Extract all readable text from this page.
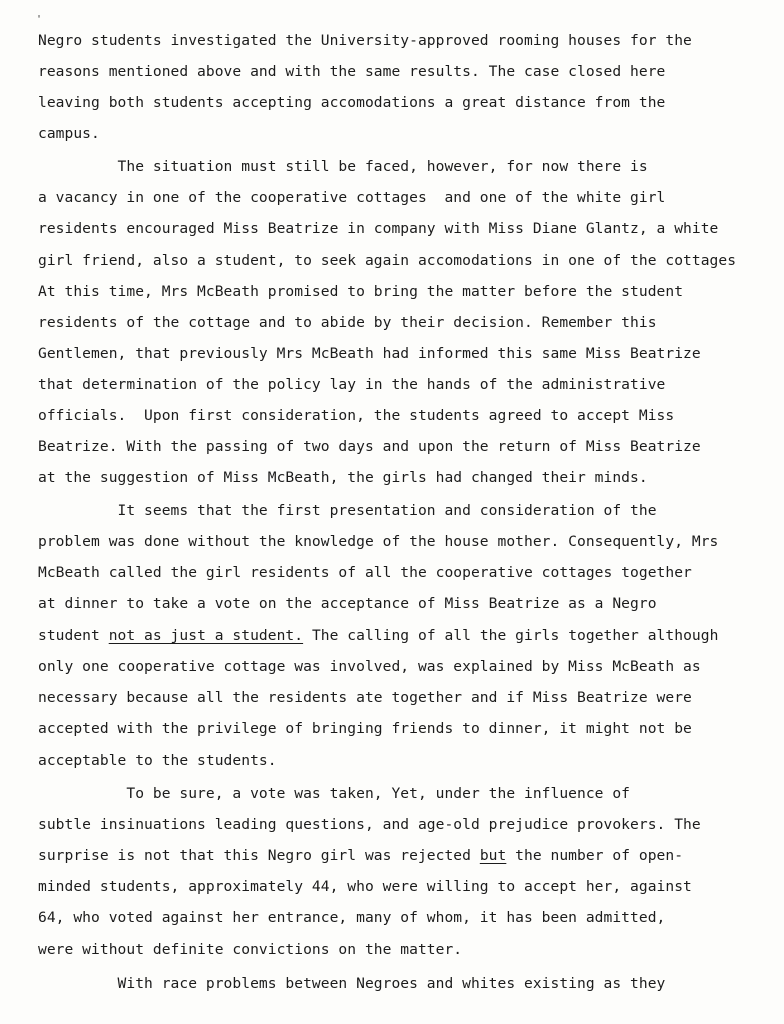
'
Negro students investigated the University-approved rooming houses for the
reasons mentioned above and with the same results. The case closed here
leaving both students accepting accomodations a great distance from the
campus.
The situation must still be faced, however, for now there is
a vacancy in one of the cooperative cottages  and one of the white girl
residents encouraged Miss Beatrize in company with Miss Diane Glantz, a white
girl friend, also a student, to seek again accomodations in one of the cottages
At this time, Mrs McBeath promised to bring the matter before the student
residents of the cottage and to abide by their decision. Remember this
Gentlemen, that previously Mrs McBeath had informed this same Miss Beatrize
that determination of the policy lay in the hands of the administrative
officials.  Upon first consideration, the students agreed to accept Miss
Beatrize. With the passing of two days and upon the return of Miss Beatrize
at the suggestion of Miss McBeath, the girls had changed their minds.
It seems that the first presentation and consideration of the
problem was done without the knowledge of the house mother. Consequently, Mrs
McBeath called the girl residents of all the cooperative cottages together
at dinner to take a vote on the acceptance of Miss Beatrize as a Negro
student not as just a student. The calling of all the girls together although
only one cooperative cottage was involved, was explained by Miss McBeath as
necessary because all the residents ate together and if Miss Beatrize were
accepted with the privilege of bringing friends to dinner, it might not be
acceptable to the students.
To be sure, a vote was taken, Yet, under the influence of
subtle insinuations leading questions, and age-old prejudice provokers. The
surprise is not that this Negro girl was rejected but the number of open-
minded students, approximately 44, who were willing to accept her, against
64, who voted against her entrance, many of whom, it has been admitted,
were without definite convictions on the matter.
With race problems between Negroes and whites existing as they
